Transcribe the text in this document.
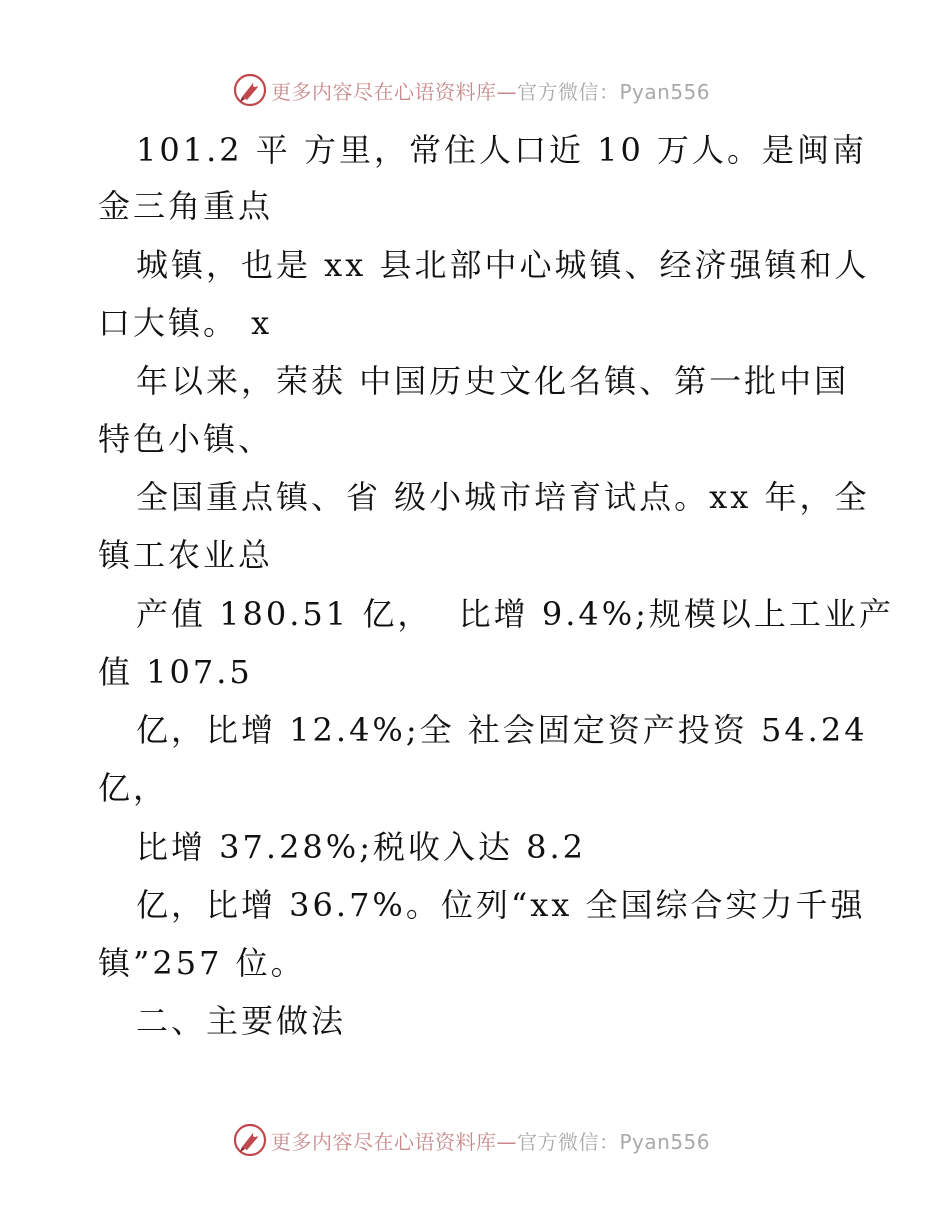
更多内容尽在心语资料库—官方微信：Pyan556
101.2 平 方里，常住人口近 10 万人。是闽南
金三角重点
城镇，也是 xx 县北部中心城镇、经济强镇和人
口大镇。 x
年以来，荣获 中国历史文化名镇、第一批中国
特色小镇、
全国重点镇、省 级小城市培育试点。xx 年，全
镇工农业总
产值 180.51 亿，  比增 9.4%;规模以上工业产
值 107.5
亿，比增 12.4%;全 社会固定资产投资 54.24
亿，
比增 37.28%;税收入达 8.2
亿，比增 36.7%。位列“xx 全国综合实力千强
镇”257 位。
二、主要做法
更多内容尽在心语资料库—官方微信：Pyan556
